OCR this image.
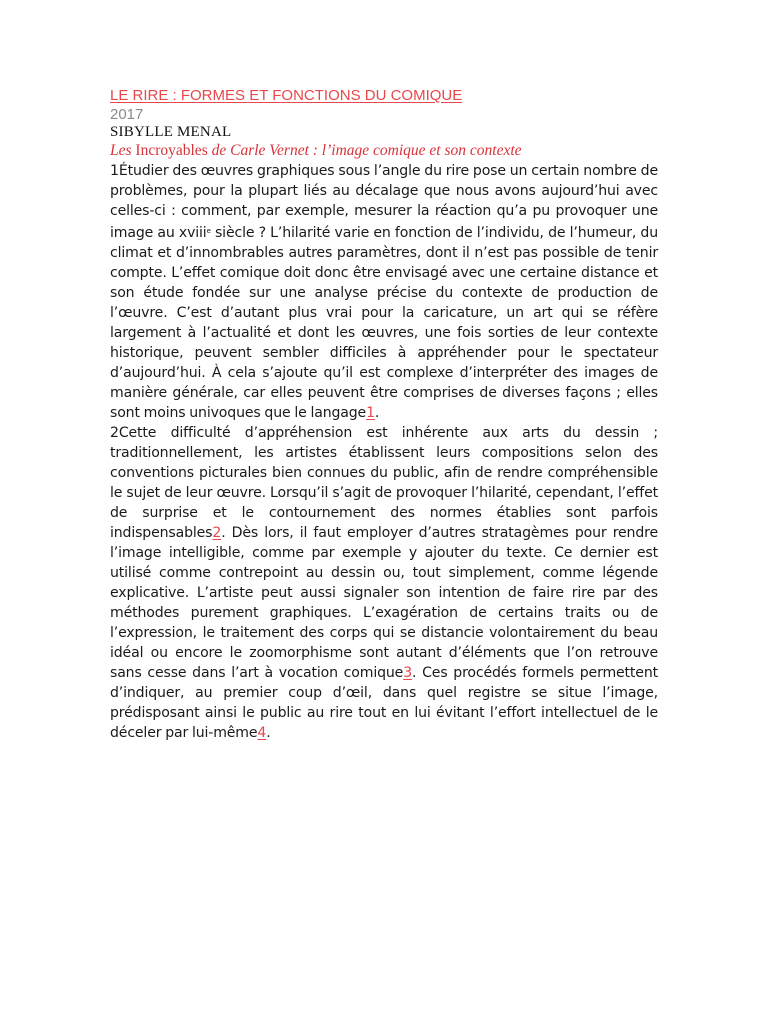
LE RIRE : FORMES ET FONCTIONS DU COMIQUE

2017

SIBYLLE MENAL

Les Incroyables de Carle Vernet : l’image comique et son contexte

1Étudier des œuvres graphiques sous l’angle du rire pose un certain nombre de problèmes, pour la plupart liés au décalage que nous avons aujourd’hui avec celles-ci : comment, par exemple, mesurer la réaction qu’a pu provoquer une image au xviii$^e$ siècle ? L’hilarité varie en fonction de l’individu, de l’humeur, du climat et d’innombrables autres paramètres, dont il n’est pas possible de tenir compte. L’effet comique doit donc être envisagé avec une certaine distance et son étude fondée sur une analyse précise du contexte de production de l’œuvre. C’est d’autant plus vrai pour la caricature, un art qui se réfère largement à l’actualité et dont les œuvres, une fois sorties de leur contexte historique, peuvent sembler difficiles à appréhender pour le spectateur d’aujourd’hui. À cela s’ajoute qu’il est complexe d’interpréter des images de manière générale, car elles peuvent être comprises de diverses façons ; elles sont moins univoques que le langage1.

2Cette difficulté d’appréhension est inhérente aux arts du dessin ; traditionnellement, les artistes établissent leurs compositions selon des conventions picturales bien connues du public, afin de rendre compréhensible le sujet de leur œuvre. Lorsqu’il s’agit de provoquer l’hilarité, cependant, l’effet de surprise et le contournement des normes établies sont parfois indispensables2. Dès lors, il faut employer d’autres stratagèmes pour rendre l’image intelligible, comme par exemple y ajouter du texte. Ce dernier est utilisé comme contrepoint au dessin ou, tout simplement, comme légende explicative. L’artiste peut aussi signaler son intention de faire rire par des méthodes purement graphiques. L’exagération de certains traits ou de l’expression, le traitement des corps qui se distancie volontairement du beau idéal ou encore le zoomorphisme sont autant d’éléments que l’on retrouve sans cesse dans l’art à vocation comique3. Ces procédés formels permettent d’indiquer, au premier coup d’œil, dans quel registre se situe l’image, prédisposant ainsi le public au rire tout en lui évitant l’effort intellectuel de le déceler par lui-même4.
